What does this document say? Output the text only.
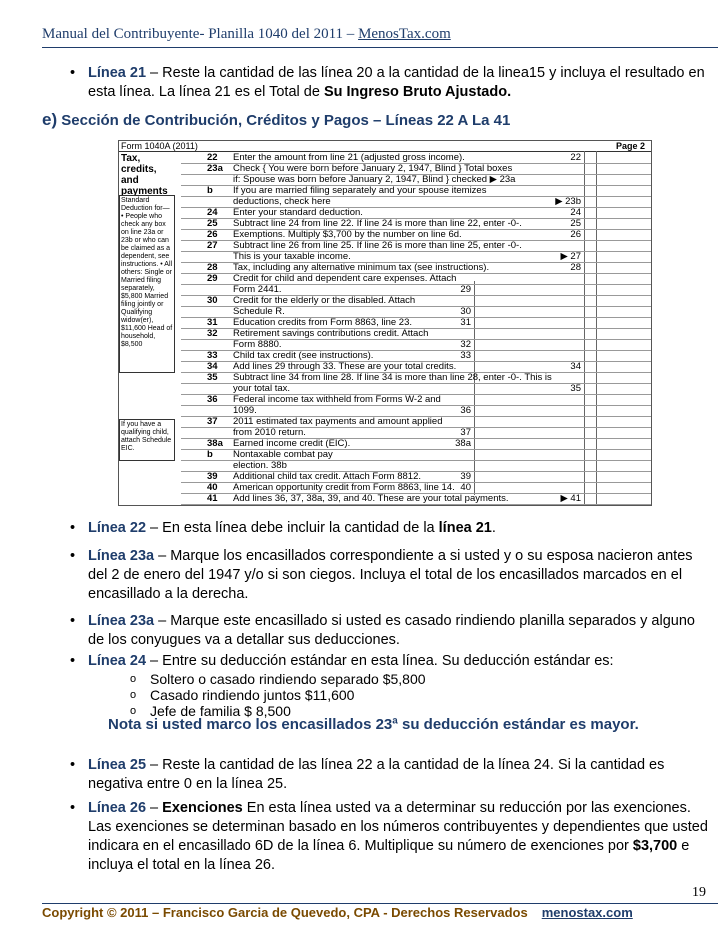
Manual del Contribuyente- Planilla 1040 del 2011 – MenosTax.com
• Línea 21 – Reste la cantidad de las línea 20 a la cantidad de la linea15 y incluya el resultado en esta línea. La línea 21 es el Total de Su Ingreso Bruto Ajustado.
e) Sección de Contribución, Créditos y Pagos – Líneas 22 A La 41
Form 1040A (2011)	Page 2
Tax, credits, and payments
Standard Deduction for— • People who check any box on line 23a or 23b or who can be claimed as a dependent, see instructions. • All others: Single or Married filing separately, $5,800 Married filing jointly or Qualifying widow(er), $11,600 Head of household, $8,500
If you have a qualifying child, attach Schedule EIC.
22 Enter the amount from line 21 (adjusted gross income).	22
23a Check { You were born before January 2, 1947, Blind } Total boxes
if: Spouse was born before January 2, 1947, Blind } checked ▶ 23a
b If you are married filing separately and your spouse itemizes
deductions, check here	▶ 23b
24 Enter your standard deduction.	24
25 Subtract line 24 from line 22. If line 24 is more than line 22, enter -0-.	25
26 Exemptions. Multiply $3,700 by the number on line 6d.	26
27 Subtract line 26 from line 25. If line 26 is more than line 25, enter -0-.
This is your taxable income.	▶ 27
28 Tax, including any alternative minimum tax (see instructions).	28
29 Credit for child and dependent care expenses. Attach
Form 2441.	29
30 Credit for the elderly or the disabled. Attach
Schedule R.	30
31 Education credits from Form 8863, line 23.	31
32 Retirement savings contributions credit. Attach
Form 8880.	32
33 Child tax credit (see instructions).	33
34 Add lines 29 through 33. These are your total credits.	34
35 Subtract line 34 from line 28. If line 34 is more than line 28, enter -0-. This is
your total tax.	35
36 Federal income tax withheld from Forms W-2 and
1099.	36
37 2011 estimated tax payments and amount applied
from 2010 return.	37
38a Earned income credit (EIC).	38a
b Nontaxable combat pay
election. 38b
39 Additional child tax credit. Attach Form 8812.	39
40 American opportunity credit from Form 8863, line 14. 40
41 Add lines 36, 37, 38a, 39, and 40. These are your total payments.	▶ 41
• Línea 22 – En esta línea debe incluir la cantidad de la línea 21.
• Línea 23a – Marque los encasillados correspondiente a si usted y o su esposa nacieron antes del 2 de enero del 1947 y/o si son ciegos. Incluya el total de los encasillados marcados en el encasillado a la derecha.
• Línea 23a – Marque este encasillado si usted es casado rindiendo planilla separados y alguno de los conyugues va a detallar sus deducciones.
• Línea 24 – Entre su deducción estándar en esta línea. Su deducción estándar es:
o Soltero o casado rindiendo separado $5,800
o Casado rindiendo juntos $11,600
o Jefe de familia $ 8,500
Nota si usted marco los encasillados 23ª su deducción estándar es mayor.
• Línea 25 – Reste la cantidad de las línea 22 a la cantidad de la línea 24. Si la cantidad es negativa entre 0 en la línea 25.
• Línea 26 – Exenciones En esta línea usted va a determinar su reducción por las exenciones. Las exenciones se determinan basado en los números contribuyentes y dependientes que usted indicara en el encasillado 6D de la línea 6. Multiplique su número de exenciones por $3,700 e incluya el total en la línea 26.
19
Copyright © 2011 – Francisco Garcia de Quevedo, CPA - Derechos Reservados menostax.com
